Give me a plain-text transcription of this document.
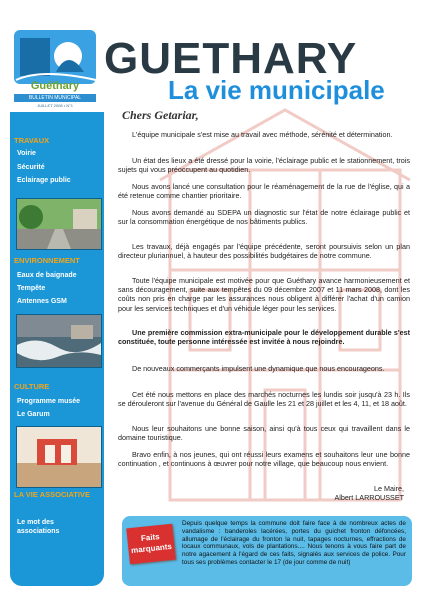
Guéthary
BULLETIN MUNICIPAL
JUILLET 2008 • N°1
GUETHARY
La vie municipale
TRAVAUX
Voirie
Sécurité
Eclairage public
ENVIRONNEMENT
Eaux de baignade
Tempête
Antennes GSM
CULTURE
Programme musée
Le Garum
LA VIE ASSOCIATIVE
Le mot des associations
Chers Getariar,
L'équipe municipale s'est mise au travail avec méthode, sérénité et détermination.
Un état des lieux a été dressé pour la voirie, l'éclairage public et le stationnement, trois sujets qui vous préoccupent au quotidien.
Nous avons lancé une consultation pour le réaménagement de la rue de l'église, qui a été retenue comme chantier prioritaire.
Nous avons demandé au SDEPA un diagnostic sur l'état de notre éclairage public et sur la consommation énergétique de nos bâtiments publics.
Les travaux, déjà engagés par l'équipe précédente, seront poursuivis selon un plan directeur pluriannuel, à hauteur des possibilités budgétaires de notre commune.
Toute l'équipe municipale est motivée pour que Guéthary avance harmonieusement et sans découragement, suite aux tempêtes du 09 décembre 2007 et 11 mars 2008, dont les coûts non pris en charge par les assurances nous obligent à différer l'achat d'un camion pour les services techniques et d'un véhicule léger pour les services.
Une première commission extra-municipale pour le développement durable s'est constituée, toute personne intéressée est invitée à nous rejoindre.
De nouveaux commerçants impulsent une dynamique que nous encourageons.
Cet été nous mettons en place des marchés nocturnes les lundis soir jusqu'à 23 h. Ils se dérouleront sur l'avenue du Général de Gaulle les 21 et 28 juillet et les 4, 11, et 18 août.
Nous leur souhaitons une bonne saison, ainsi qu'à tous ceux qui travaillent dans le domaine touristique.
Bravo enfin, à nos jeunes, qui ont réussi leurs examens et souhaitons leur une bonne continuation , et continuons à œuvrer pour notre village, que beaucoup nous envient.
Le Maire,
Albert LARROUSSET
Faits marquants
Depuis quelque temps la commune doit faire face à de nombreux actes de vandalisme : banderoles lacérées, portes du guichet fronton défoncées, allumage de l'éclairage du fronton la nuit, tapages nocturnes, effractions de locaux communaux, vols de plantations.... Nous tenons à vous faire part de notre agacement à l'égard de ces faits, signalés aux services de police. Pour tous ses problèmes contacter le 17 (de jour comme de nuit)
